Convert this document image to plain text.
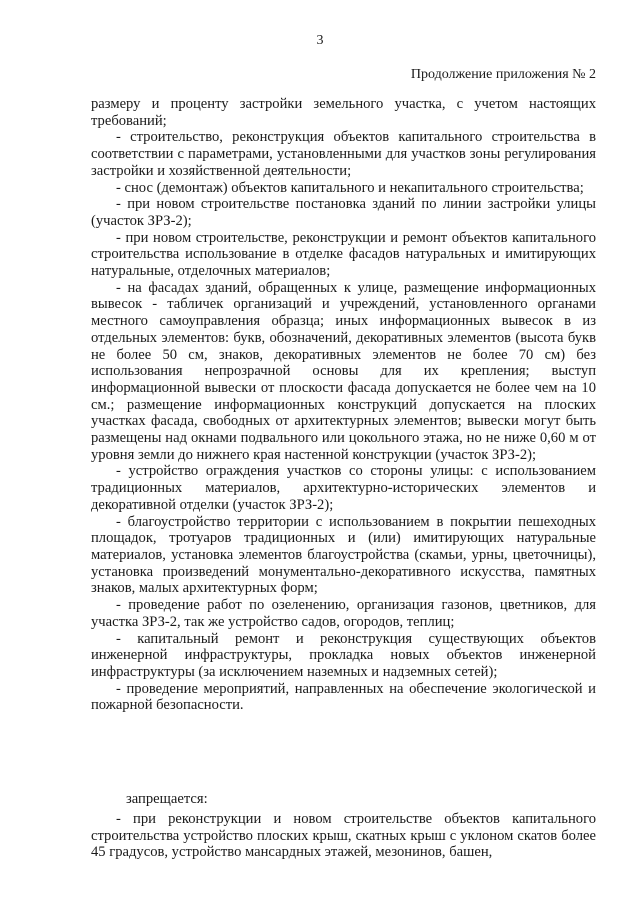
3
Продолжение приложения № 2

размеру и проценту застройки земельного участка, с учетом настоящих требований;

- строительство, реконструкция объектов капитального строительства в соответствии с параметрами, установленными для участков зоны регулирования застройки и хозяйственной деятельности;

- снос (демонтаж) объектов капитального и некапитального строительства;

- при новом строительстве постановка зданий по линии застройки улицы (участок ЗРЗ-2);

- при новом строительстве, реконструкции и ремонт объектов капитального строительства использование в отделке фасадов натуральных и имитирующих натуральные, отделочных материалов;

- на фасадах зданий, обращенных к улице, размещение информационных вывесок - табличек организаций и учреждений, установленного органами местного самоуправления образца; иных информационных вывесок в из отдельных элементов: букв, обозначений, декоративных элементов (высота букв не более 50 см, знаков, декоративных элементов не более 70 см) без использования непрозрачной основы для их крепления; выступ информационной вывески от плоскости фасада допускается не более чем на 10 см.; размещение информационных конструкций допускается на плоских участках фасада, свободных от архитектурных элементов; вывески могут быть размещены над окнами подвального или цокольного этажа, но не ниже 0,60 м от уровня земли до нижнего края настенной конструкции (участок ЗРЗ-2);

- устройство ограждения участков со стороны улицы: с использованием традиционных материалов, архитектурно-исторических элементов и декоративной отделки (участок ЗРЗ-2);

- благоустройство территории с использованием в покрытии пешеходных площадок, тротуаров традиционных и (или) имитирующих натуральные материалов, установка элементов благоустройства (скамьи, урны, цветочницы), установка произведений монументально-декоративного искусства, памятных знаков, малых архитектурных форм;

- проведение работ по озеленению, организация газонов, цветников, для участка ЗРЗ-2, так же устройство садов, огородов, теплиц;

- капитальный ремонт и реконструкция существующих объектов инженерной инфраструктуры, прокладка новых объектов инженерной инфраструктуры (за исключением наземных и надземных сетей);

- проведение мероприятий, направленных на обеспечение экологической и пожарной безопасности.

запрещается:

- при реконструкции и новом строительстве объектов капитального строительства устройство плоских крыш, скатных крыш с уклоном скатов более 45 градусов, устройство мансардных этажей, мезонинов, башен,
